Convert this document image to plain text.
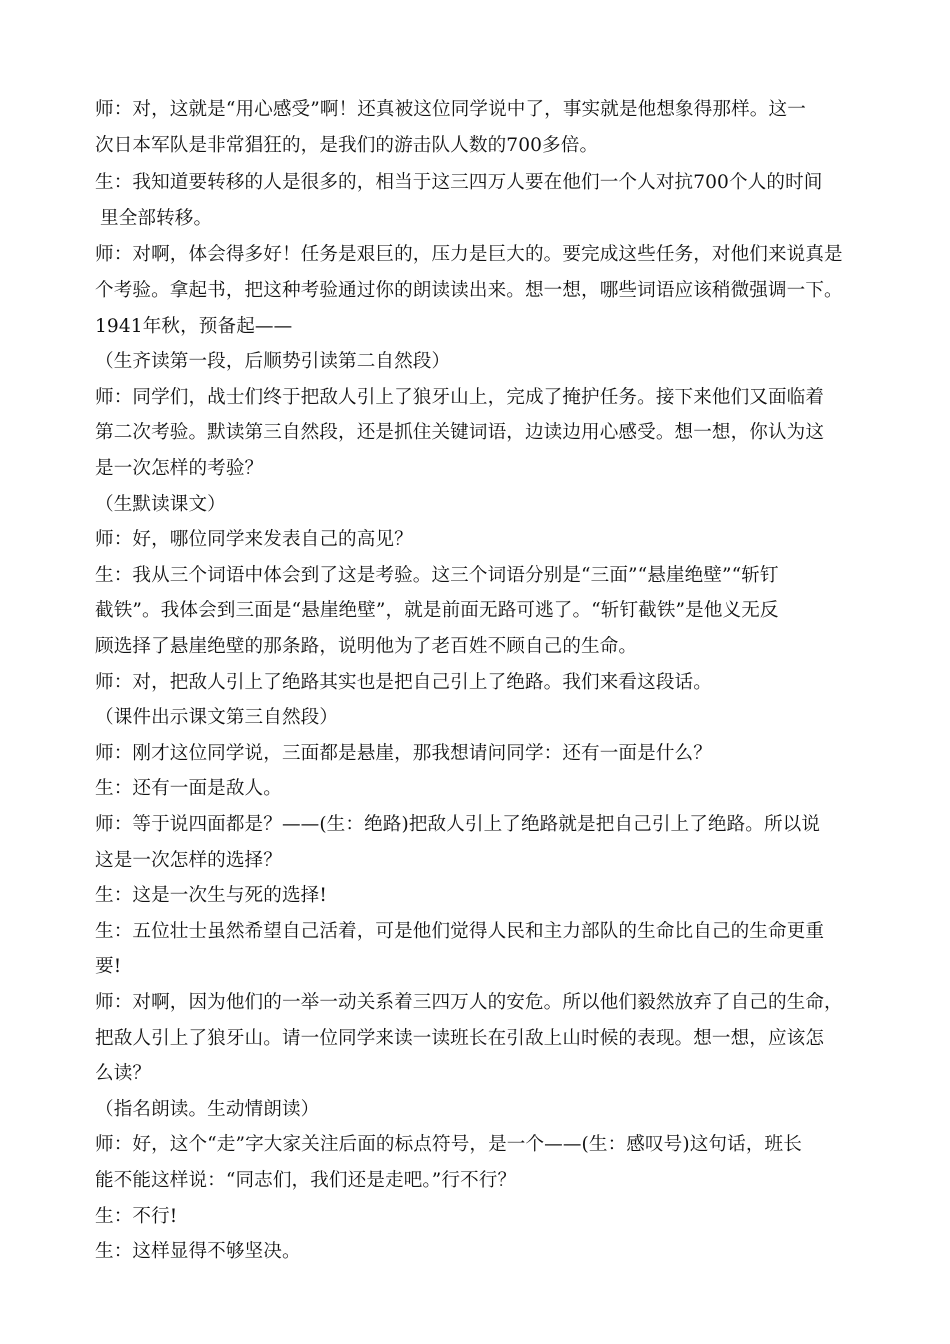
师：对，这就是“用心感受”啊！还真被这位同学说中了，事实就是他想象得那样。这一
次日本军队是非常猖狂的，是我们的游击队人数的700多倍。
生：我知道要转移的人是很多的，相当于这三四万人要在他们一个人对抗700个人的时间
里全部转移。
师：对啊，体会得多好！任务是艰巨的，压力是巨大的。要完成这些任务，对他们来说真是
个考验。拿起书，把这种考验通过你的朗读读出来。想一想，哪些词语应该稍微强调一下。
1941年秋，预备起——
（生齐读第一段，后顺势引读第二自然段）
师：同学们，战士们终于把敌人引上了狼牙山上，完成了掩护任务。接下来他们又面临着
第二次考验。默读第三自然段，还是抓住关键词语，边读边用心感受。想一想，你认为这
是一次怎样的考验？
（生默读课文）
师：好，哪位同学来发表自己的高见？
生：我从三个词语中体会到了这是考验。这三个词语分别是“三面”“悬崖绝壁”“斩钉
截铁”。我体会到三面是“悬崖绝壁”，就是前面无路可逃了。“斩钉截铁”是他义无反
顾选择了悬崖绝壁的那条路，说明他为了老百姓不顾自己的生命。
师：对，把敌人引上了绝路其实也是把自己引上了绝路。我们来看这段话。
（课件出示课文第三自然段）
师：刚才这位同学说，三面都是悬崖，那我想请问同学：还有一面是什么？
生：还有一面是敌人。
师：等于说四面都是？——(生：绝路)把敌人引上了绝路就是把自己引上了绝路。所以说
这是一次怎样的选择？
生：这是一次生与死的选择!
生：五位壮士虽然希望自己活着，可是他们觉得人民和主力部队的生命比自己的生命更重
要!
师：对啊，因为他们的一举一动关系着三四万人的安危。所以他们毅然放弃了自己的生命，
把敌人引上了狼牙山。请一位同学来读一读班长在引敌上山时候的表现。想一想，应该怎
么读？
（指名朗读。生动情朗读）
师：好，这个“走”字大家关注后面的标点符号，是一个——(生：感叹号)这句话，班长
能不能这样说：“同志们，我们还是走吧。”行不行？
生：不行!
生：这样显得不够坚决。
